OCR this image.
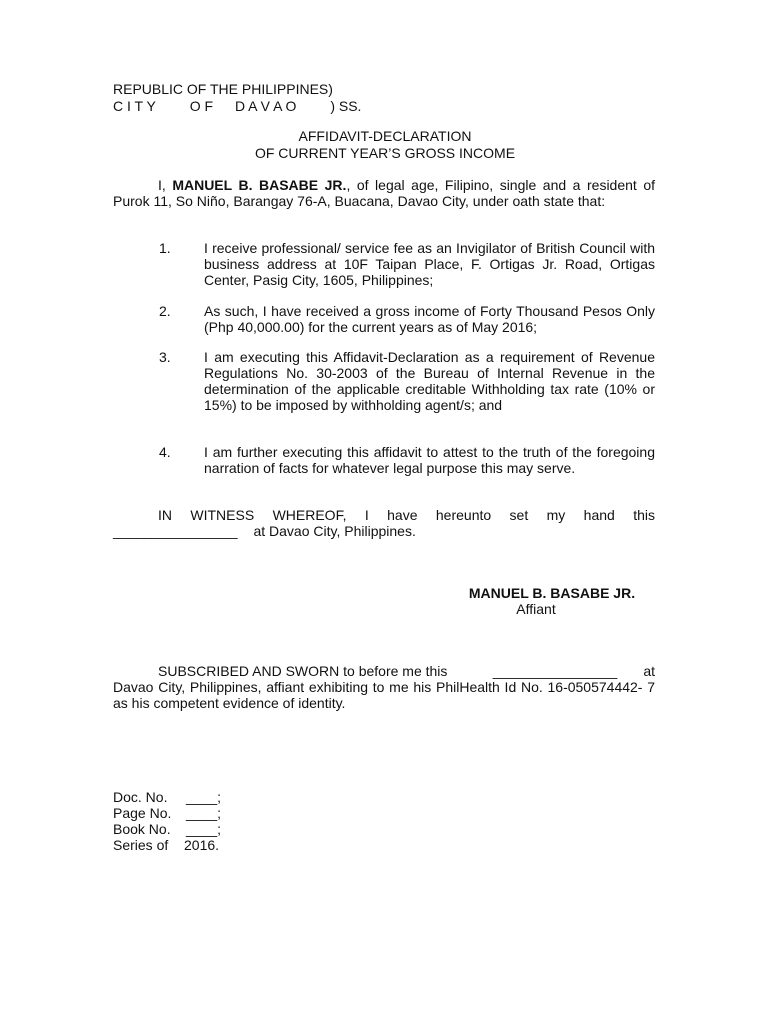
REPUBLIC OF THE PHILIPPINES)
C I T Y O F D A V A O ) SS.
AFFIDAVIT-DECLARATION
OF CURRENT YEAR’S GROSS INCOME
I, MANUEL B. BASABE JR., of legal age, Filipino, single and a resident of Purok 11, So Niño, Barangay 76-A, Buacana, Davao City, under oath state that:
1. I receive professional/ service fee as an Invigilator of British Council with business address at 10F Taipan Place, F. Ortigas Jr. Road, Ortigas Center, Pasig City, 1605, Philippines;
2. As such, I have received a gross income of Forty Thousand Pesos Only (Php 40,000.00) for the current years as of May 2016;
3. I am executing this Affidavit-Declaration as a requirement of Revenue Regulations No. 30-2003 of the Bureau of Internal Revenue in the determination of the applicable creditable Withholding tax rate (10% or 15%) to be imposed by withholding agent/s; and
4. I am further executing this affidavit to attest to the truth of the foregoing narration of facts for whatever legal purpose this may serve.
IN WITNESS WHEREOF, I have hereunto set my hand this
________________ at Davao City, Philippines.
MANUEL B. BASABE JR.
Affiant
SUBSCRIBED AND SWORN to before me this	________________ at
Davao City, Philippines, affiant exhibiting to me his PhilHealth Id No. 16-050574442- 7 as his competent evidence of identity.
Doc. No. ____;
Page No. ____;
Book No. ____;
Series of 2016.
